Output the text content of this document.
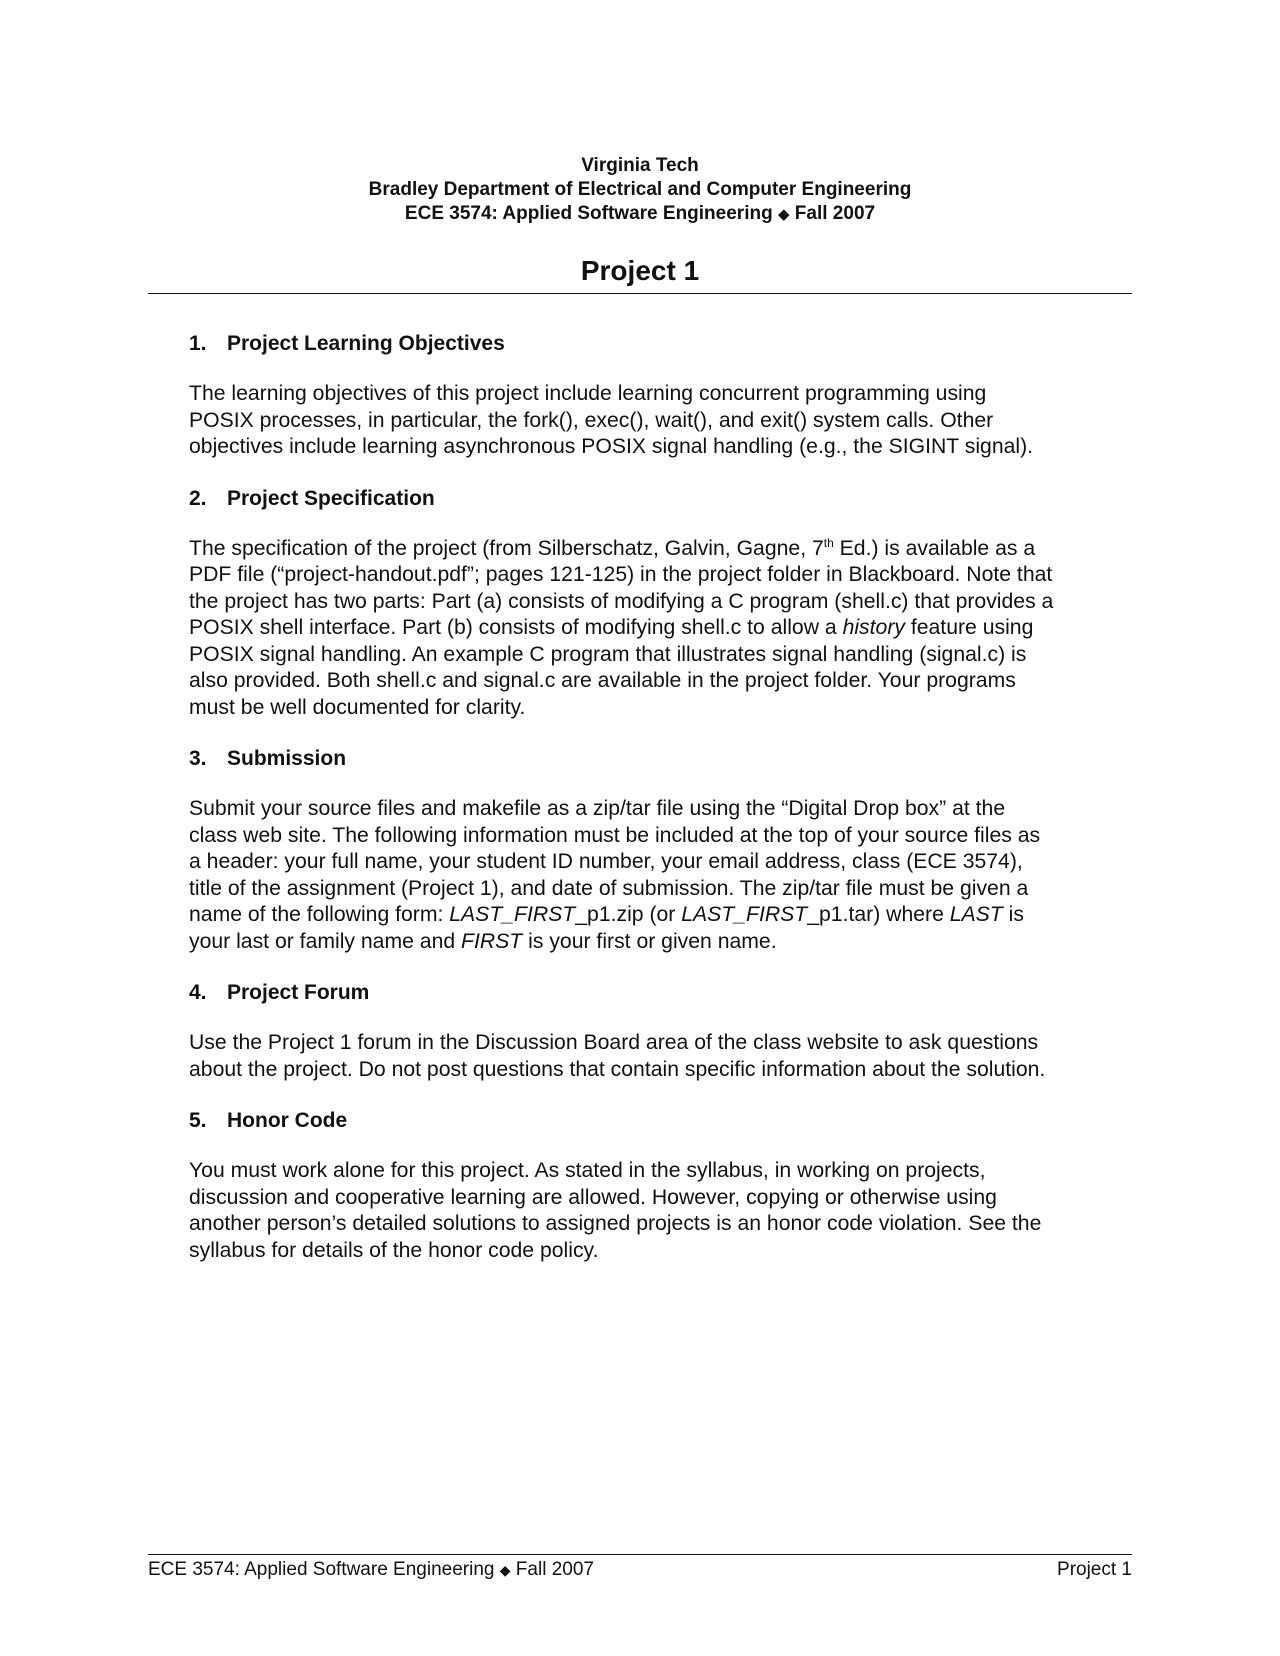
Virginia Tech
Bradley Department of Electrical and Computer Engineering
ECE 3574: Applied Software Engineering ◆ Fall 2007
Project 1
1. Project Learning Objectives
The learning objectives of this project include learning concurrent programming using
POSIX processes, in particular, the fork(), exec(), wait(), and exit() system calls. Other
objectives include learning asynchronous POSIX signal handling (e.g., the SIGINT signal).
2. Project Specification
The specification of the project (from Silberschatz, Galvin, Gagne, 7th Ed.) is available as a
PDF file (“project-handout.pdf”; pages 121-125) in the project folder in Blackboard. Note that
the project has two parts: Part (a) consists of modifying a C program (shell.c) that provides a
POSIX shell interface. Part (b) consists of modifying shell.c to allow a history feature using
POSIX signal handling. An example C program that illustrates signal handling (signal.c) is
also provided. Both shell.c and signal.c are available in the project folder. Your programs
must be well documented for clarity.
3. Submission
Submit your source files and makefile as a zip/tar file using the “Digital Drop box” at the
class web site. The following information must be included at the top of your source files as
a header: your full name, your student ID number, your email address, class (ECE 3574),
title of the assignment (Project 1), and date of submission. The zip/tar file must be given a
name of the following form: LAST_FIRST_p1.zip (or LAST_FIRST_p1.tar) where LAST is
your last or family name and FIRST is your first or given name.
4. Project Forum
Use the Project 1 forum in the Discussion Board area of the class website to ask questions
about the project. Do not post questions that contain specific information about the solution.
5. Honor Code
You must work alone for this project. As stated in the syllabus, in working on projects,
discussion and cooperative learning are allowed. However, copying or otherwise using
another person’s detailed solutions to assigned projects is an honor code violation. See the
syllabus for details of the honor code policy.
ECE 3574: Applied Software Engineering ◆ Fall 2007	Project 1
